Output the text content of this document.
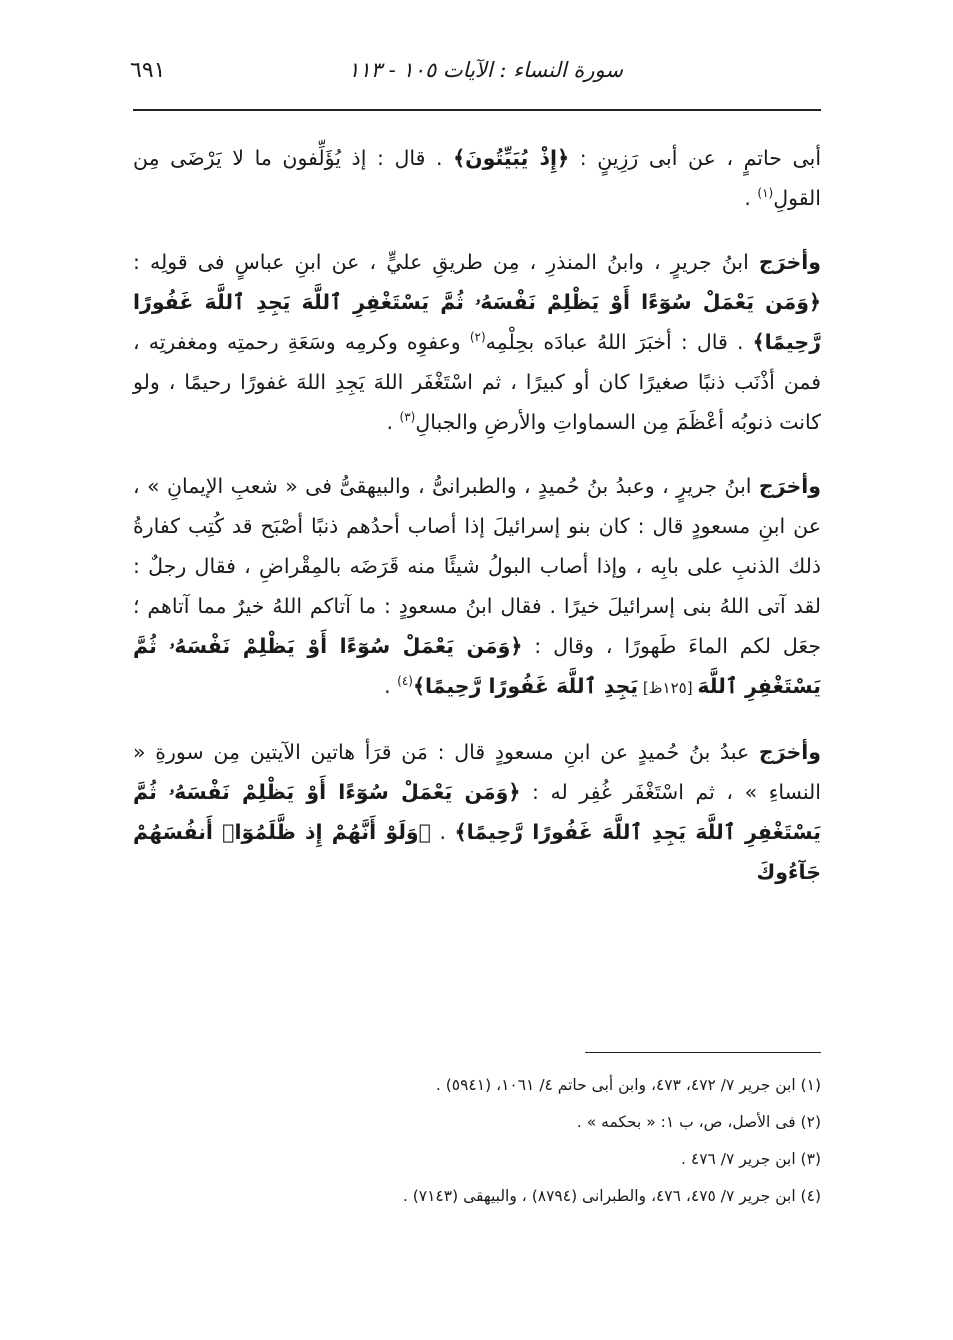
سورة النساء : الآيات ١٠٥ - ١١٣
٦٩١

أبى حاتمٍ ، عن أبى رَزِينٍ : ﴿إِذْ يُبَيِّتُونَ﴾ . قال : إذ يُؤَلِّفون ما لا يَرْضَى مِن القولِ$^{(١)}$ .

وأخرَج ابنُ جريرٍ ، وابنُ المنذرِ ، مِن طريقِ عليٍّ ، عن ابنِ عباسٍ فى قولِه : ﴿وَمَن يَعْمَلْ سُوٓءًا أَوْ يَظْلِمْ نَفْسَهُۥ ثُمَّ يَسْتَغْفِرِ ٱللَّهَ يَجِدِ ٱللَّهَ غَفُورًا رَّحِيمًا﴾ . قال : أخبَرَ اللهُ عبادَه بحِلْمِه$^{(٢)}$ وعفوِه وكرمِه وسَعَةِ رحمتِه ومغفرتِه ، فمن أذْنَب ذنبًا صغيرًا كان أو كبيرًا ، ثم اسْتَغْفَر اللهَ يَجِدِ اللهَ غفورًا رحيمًا ، ولو كانت ذنوبُه أعْظَمَ مِن السماواتِ والأرضِ والجبالِ$^{(٣)}$ .

وأخرَج ابنُ جريرٍ ، وعبدُ بنُ حُميدٍ ، والطبرانىُّ ، والبيهقىُّ فى « شعبِ الإيمانِ » ، عن ابنِ مسعودٍ قال : كان بنو إسرائيلَ إذا أصاب أحدُهم ذنبًا أصْبَح قد كُتِب كفارةُ ذلك الذنبِ على بابِه ، وإذا أصاب البولُ شيئًا منه قَرَضَه بالمِقْراضِ ، فقال رجلٌ : لقد آتى اللهُ بنى إسرائيلَ خيرًا . فقال ابنُ مسعودٍ : ما آتاكم اللهُ خيرٌ مما آتاهم ؛ جعَل لكم الماءَ طَهورًا ، وقال : ﴿وَمَن يَعْمَلْ سُوٓءًا أَوْ يَظْلِمْ نَفْسَهُۥ ثُمَّ يَسْتَغْفِرِ ٱللَّهَ [١٢٥ظ] يَجِدِ ٱللَّهَ غَفُورًا رَّحِيمًا﴾$^{(٤)}$ .

وأخرَج عبدُ بنُ حُميدٍ عن ابنِ مسعودٍ قال : مَن قرَأ هاتين الآيتين مِن سورةِ « النساءِ » ، ثم اسْتَغْفَر غُفِر له : ﴿وَمَن يَعْمَلْ سُوٓءًا أَوْ يَظْلِمْ نَفْسَهُۥ ثُمَّ يَسْتَغْفِرِ ٱللَّهَ يَجِدِ ٱللَّهَ غَفُورًا رَّحِيمًا﴾ . ﴿وَلَوْ أَنَّهُمْ إِذ ظَّلَمُوٓا۟ أَنفُسَهُمْ جَآءُوكَ

(١) ابن جرير ٧/ ٤٧٢، ٤٧٣، وابن أبى حاتم ٤/ ١٠٦١، (٥٩٤١) .
(٢) فى الأصل، ص، ب ١: « بحكمه » .
(٣) ابن جرير ٧/ ٤٧٦ .
(٤) ابن جرير ٧/ ٤٧٥، ٤٧٦، والطبرانى (٨٧٩٤) ، والبيهقى (٧١٤٣) .
